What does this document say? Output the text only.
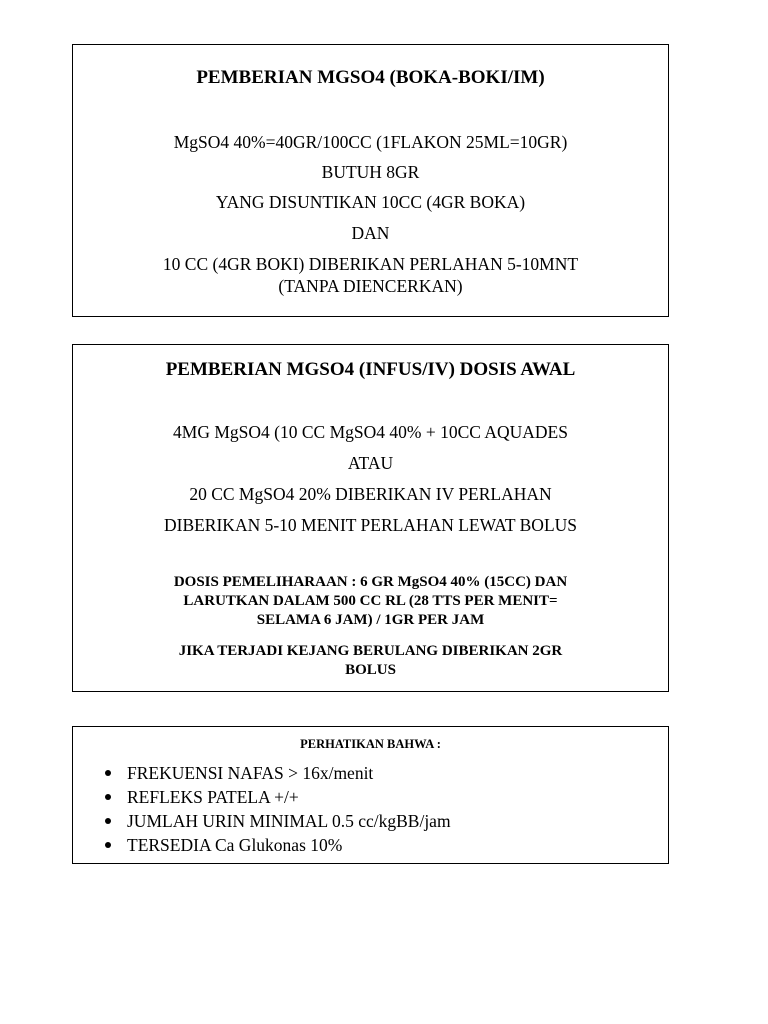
PEMBERIAN MGSO4 (BOKA-BOKI/IM)
MgSO4 40%=40GR/100CC (1FLAKON 25ML=10GR)
BUTUH 8GR
YANG DISUNTIKAN 10CC (4GR BOKA)
DAN
10 CC (4GR BOKI) DIBERIKAN PERLAHAN 5-10MNT
(TANPA DIENCERKAN)
PEMBERIAN MGSO4 (INFUS/IV) DOSIS AWAL
4MG MgSO4 (10 CC MgSO4 40% + 10CC AQUADES
ATAU
20 CC MgSO4 20% DIBERIKAN IV PERLAHAN
DIBERIKAN 5-10 MENIT PERLAHAN LEWAT BOLUS
DOSIS PEMELIHARAAN : 6 GR MgSO4 40% (15CC) DAN
LARUTKAN DALAM 500 CC RL (28 TTS PER MENIT=
SELAMA 6 JAM) / 1GR PER JAM
JIKA TERJADI KEJANG BERULANG DIBERIKAN 2GR
BOLUS
PERHATIKAN BAHWA :
FREKUENSI NAFAS > 16x/menit
REFLEKS PATELA +/+
JUMLAH URIN MINIMAL 0.5 cc/kgBB/jam
TERSEDIA Ca Glukonas 10%
